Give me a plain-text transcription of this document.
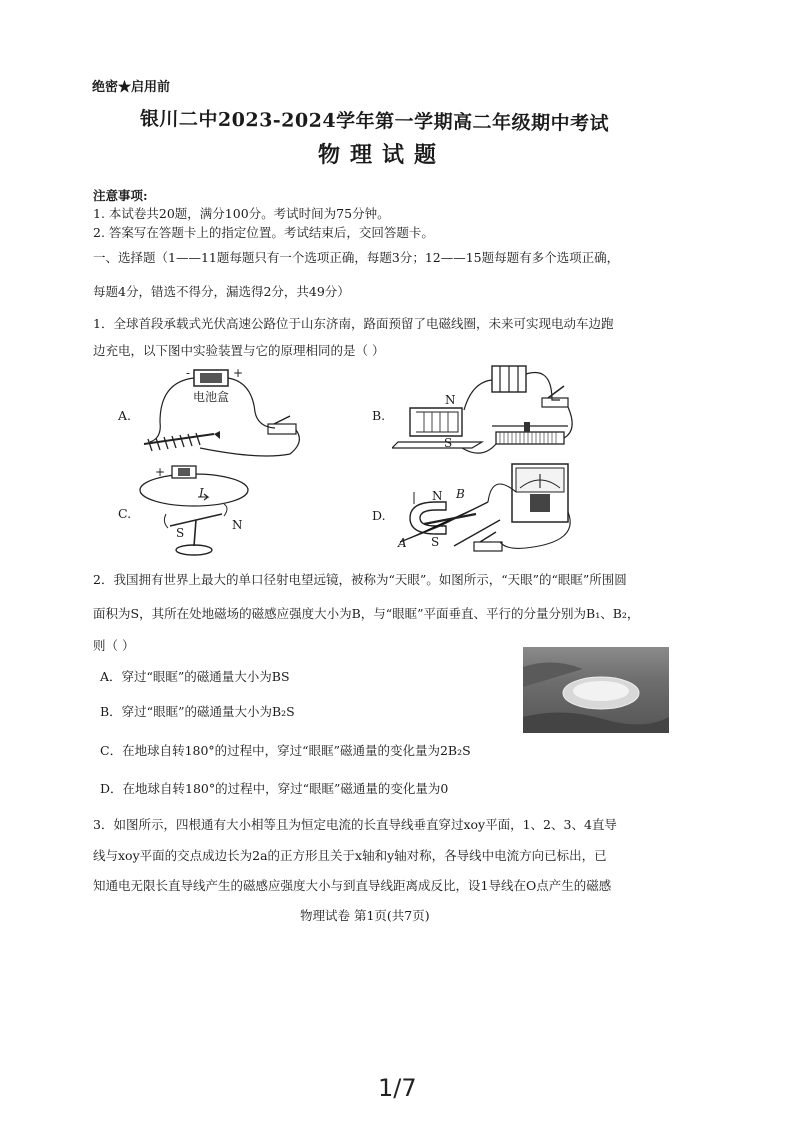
绝密★启用前
银川二中2023-2024学年第一学期高二年级期中考试
物理试题
注意事项:
1. 本试卷共20题，满分100分。考试时间为75分钟。
2. 答案写在答题卡上的指定位置。考试结束后，交回答题卡。
一、选择题（1——11题每题只有一个选项正确，每题3分；12——15题每题有多个选项正确，
每题4分，错选不得分，漏选得2分，共49分）
1．全球首段承载式光伏高速公路位于山东济南，路面预留了电磁线圈，未来可实现电动车边跑
边充电，以下图中实验装置与它的原理相同的是（ ）
A.	B.
C.	D.
-	+
电池盒	N
S
+
I
S
N
N B
A S
2．我国拥有世界上最大的单口径射电望远镜，被称为“天眼”。如图所示，“天眼”的“眼眶”所围圆
面积为S，其所在处地磁场的磁感应强度大小为B，与“眼眶”平面垂直、平行的分量分别为B₁、B₂，
则（ ）
A．穿过“眼眶”的磁通量大小为BS
B．穿过“眼眶”的磁通量大小为B₂S
C．在地球自转180°的过程中，穿过“眼眶”磁通量的变化量为2B₂S
D．在地球自转180°的过程中，穿过“眼眶”磁通量的变化量为0
3．如图所示，四根通有大小相等且为恒定电流的长直导线垂直穿过xoy平面，1、2、3、4直导
线与xoy平面的交点成边长为2a的正方形且关于x轴和y轴对称，各导线中电流方向已标出，已
知通电无限长直导线产生的磁感应强度大小与到直导线距离成反比，设1导线在O点产生的磁感
物理试卷 第1页(共7页)
1/7
